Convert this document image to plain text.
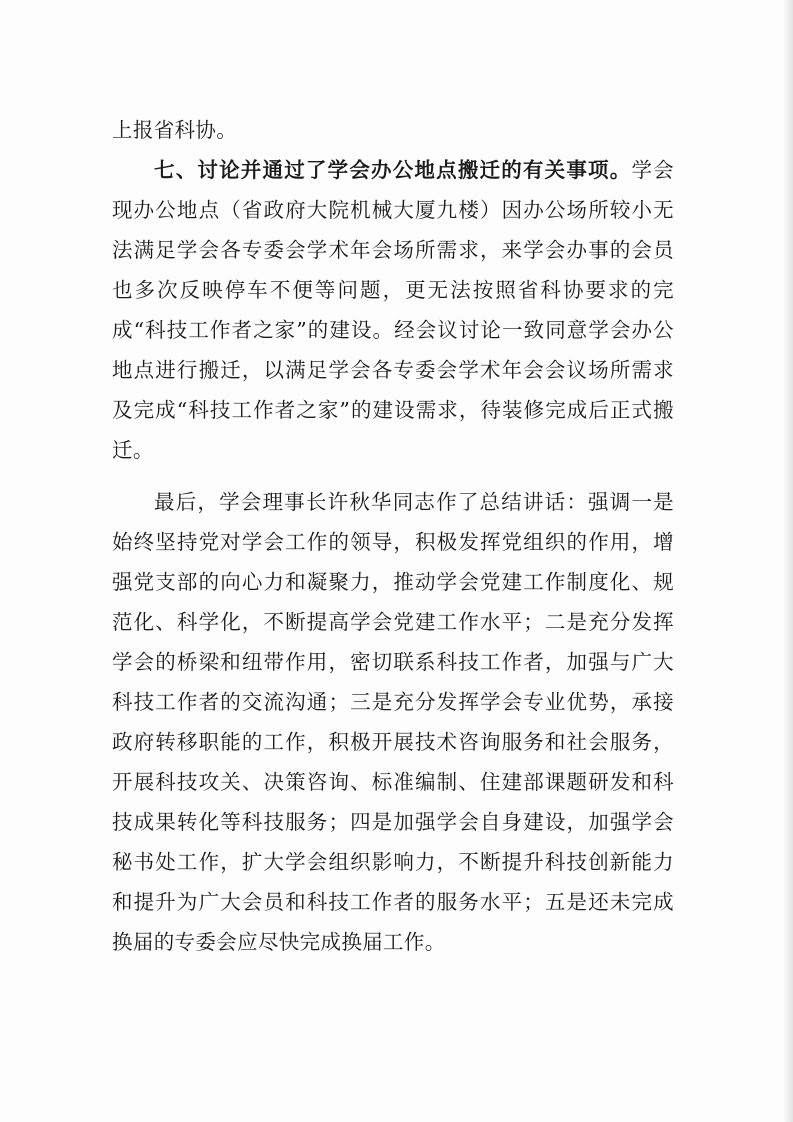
上报省科协。

七、讨论并通过了学会办公地点搬迁的有关事项。学会现办公地点（省政府大院机械大厦九楼）因办公场所较小无法满足学会各专委会学术年会场所需求，来学会办事的会员也多次反映停车不便等问题，更无法按照省科协要求的完成“科技工作者之家”的建设。经会议讨论一致同意学会办公地点进行搬迁，以满足学会各专委会学术年会会议场所需求及完成“科技工作者之家”的建设需求，待装修完成后正式搬迁。

最后，学会理事长许秋华同志作了总结讲话：强调一是始终坚持党对学会工作的领导，积极发挥党组织的作用，增强党支部的向心力和凝聚力，推动学会党建工作制度化、规范化、科学化，不断提高学会党建工作水平；二是充分发挥学会的桥梁和纽带作用，密切联系科技工作者，加强与广大科技工作者的交流沟通；三是充分发挥学会专业优势，承接政府转移职能的工作，积极开展技术咨询服务和社会服务，开展科技攻关、决策咨询、标准编制、住建部课题研发和科技成果转化等科技服务；四是加强学会自身建设，加强学会秘书处工作，扩大学会组织影响力，不断提升科技创新能力和提升为广大会员和科技工作者的服务水平；五是还未完成换届的专委会应尽快完成换届工作。
